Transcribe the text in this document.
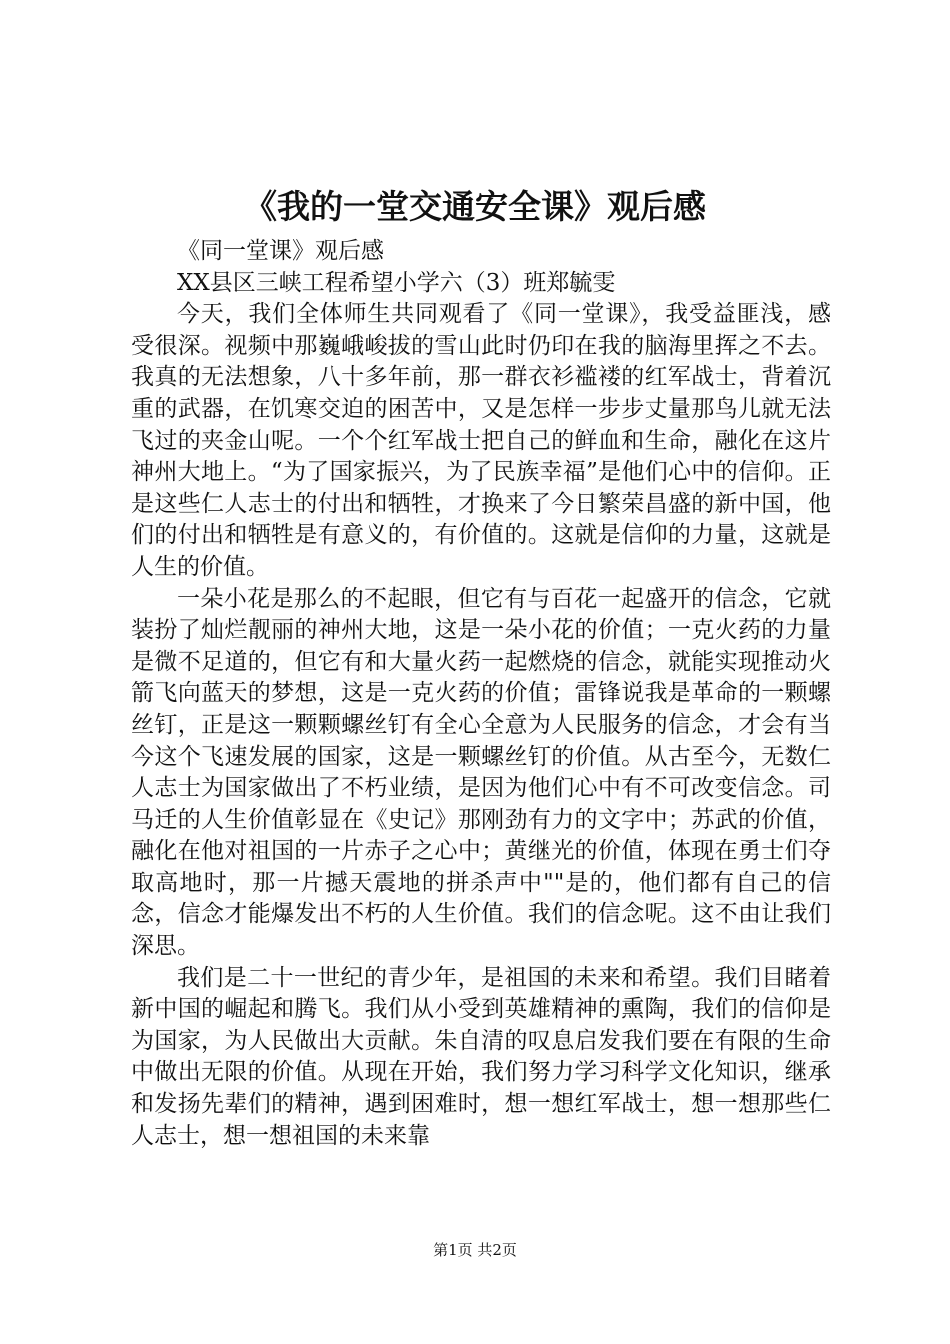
《我的一堂交通安全课》观后感

《同一堂课》观后感

XX县区三峡工程希望小学六（3）班郑毓雯

今天，我们全体师生共同观看了《同一堂课》，我受益匪浅，感受很深。视频中那巍峨峻拔的雪山此时仍印在我的脑海里挥之不去。我真的无法想象，八十多年前，那一群衣衫褴褛的红军战士，背着沉重的武器，在饥寒交迫的困苦中，又是怎样一步步丈量那鸟儿就无法飞过的夹金山呢。一个个红军战士把自己的鲜血和生命，融化在这片神州大地上。“为了国家振兴，为了民族幸福”是他们心中的信仰。正是这些仁人志士的付出和牺牲，才换来了今日繁荣昌盛的新中国，他们的付出和牺牲是有意义的，有价值的。这就是信仰的力量，这就是人生的价值。

一朵小花是那么的不起眼，但它有与百花一起盛开的信念，它就装扮了灿烂靓丽的神州大地，这是一朵小花的价值；一克火药的力量是微不足道的，但它有和大量火药一起燃烧的信念，就能实现推动火箭飞向蓝天的梦想，这是一克火药的价值；雷锋说我是革命的一颗螺丝钉，正是这一颗颗螺丝钉有全心全意为人民服务的信念，才会有当今这个飞速发展的国家，这是一颗螺丝钉的价值。从古至今，无数仁人志士为国家做出了不朽业绩，是因为他们心中有不可改变信念。司马迁的人生价值彰显在《史记》那刚劲有力的文字中；苏武的价值，融化在他对祖国的一片赤子之心中；黄继光的价值，体现在勇士们夺取高地时，那一片撼天震地的拼杀声中""是的，他们都有自己的信念，信念才能爆发出不朽的人生价值。我们的信念呢。这不由让我们深思。

我们是二十一世纪的青少年，是祖国的未来和希望。我们目睹着新中国的崛起和腾飞。我们从小受到英雄精神的熏陶，我们的信仰是为国家，为人民做出大贡献。朱自清的叹息启发我们要在有限的生命中做出无限的价值。从现在开始，我们努力学习科学文化知识，继承和发扬先辈们的精神，遇到困难时，想一想红军战士，想一想那些仁人志士，想一想祖国的未来靠

第1页 共2页
